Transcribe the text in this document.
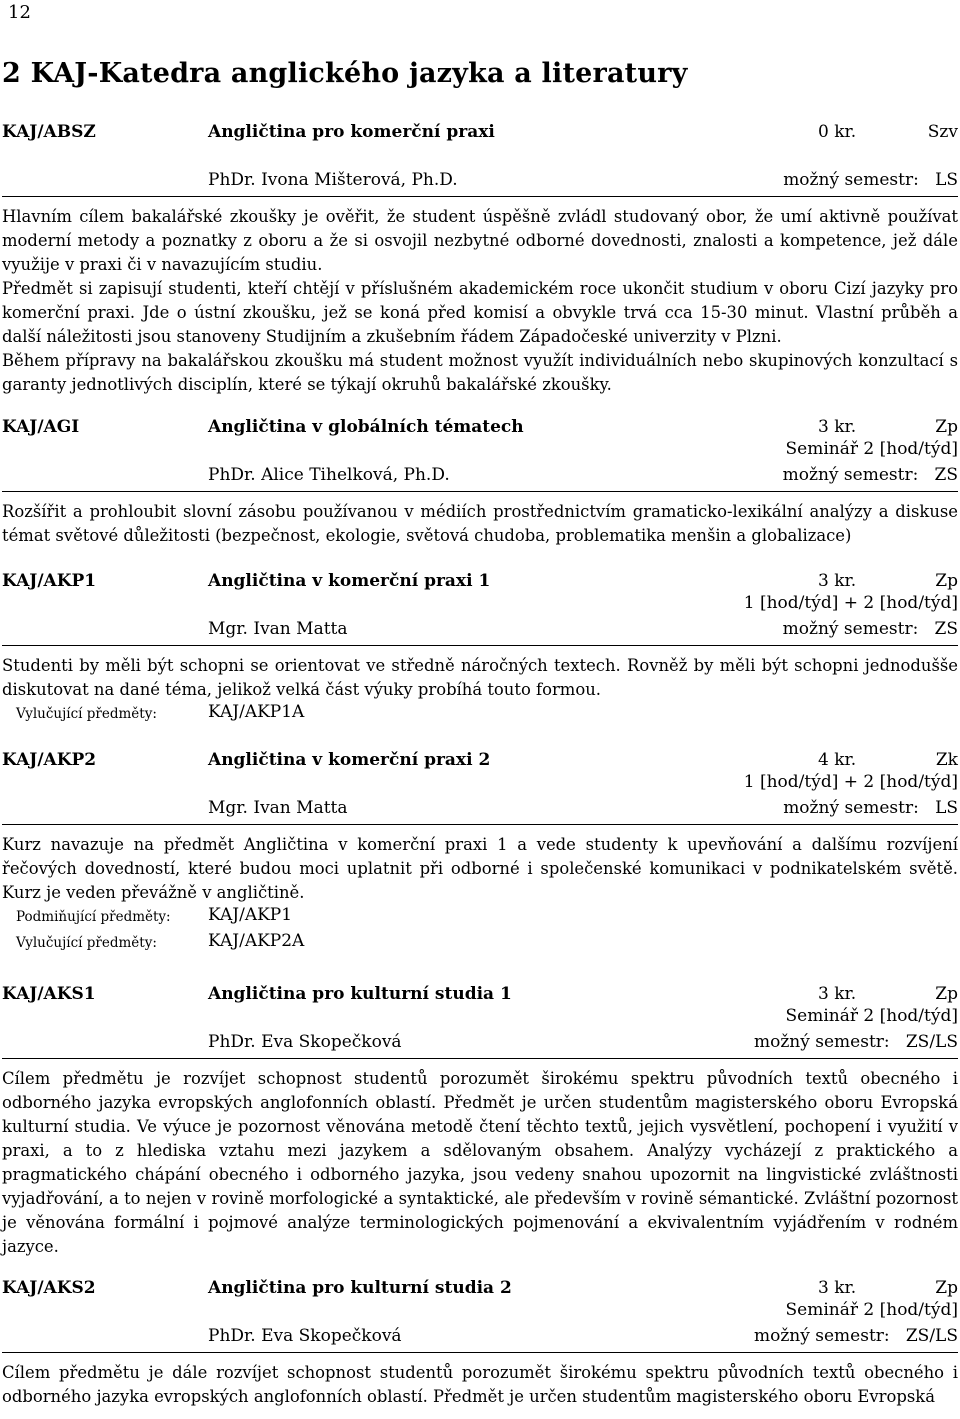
12
2 KAJ-Katedra anglického jazyka a literatury
KAJ/ABSZ	Angličtina pro komerční praxi	0 kr.	Szv
PhDr. Ivona Mišterová, Ph.D.	možný semestr: LS

Hlavním cílem bakalářské zkoušky je ověřit, že student úspěšně zvládl studovaný obor, že umí aktivně používat moderní metody a poznatky z oboru a že si osvojil nezbytné odborné dovednosti, znalosti a kompetence, jež dále využije v praxi či v navazujícím studiu.

Předmět si zapisují studenti, kteří chtějí v příslušném akademickém roce ukončit studium v oboru Cizí jazyky pro komerční praxi. Jde o ústní zkoušku, jež se koná před komisí a obvykle trvá cca 15-30 minut. Vlastní průběh a další náležitosti jsou stanoveny Studijním a zkušebním řádem Západočeské univerzity v Plzni.

Během přípravy na bakalářskou zkoušku má student možnost využít individuálních nebo skupinových konzultací s garanty jednotlivých disciplín, které se týkají okruhů bakalářské zkoušky.

KAJ/AGI	Angličtina v globálních tématech	3 kr.	Zp
Seminář 2 [hod/týd]
PhDr. Alice Tihelková, Ph.D.	možný semestr: ZS

Rozšířit a prohloubit slovní zásobu používanou v médiích prostřednictvím gramaticko-lexikální analýzy a diskuse témat světové důležitosti (bezpečnost, ekologie, světová chudoba, problematika menšin a globalizace)

KAJ/AKP1	Angličtina v komerční praxi 1	3 kr.	Zp
1 [hod/týd] + 2 [hod/týd]
Mgr. Ivan Matta	možný semestr: ZS

Studenti by měli být schopni se orientovat ve středně náročných textech. Rovněž by měli být schopni jednodušše diskutovat na dané téma, jelikož velká část výuky probíhá touto formou.

Vylučující předměty:	KAJ/AKP1A
KAJ/AKP2	Angličtina v komerční praxi 2	4 kr.	Zk
1 [hod/týd] + 2 [hod/týd]
Mgr. Ivan Matta	možný semestr: LS

Kurz navazuje na předmět Angličtina v komerční praxi 1 a vede studenty k upevňování a dalšímu rozvíjení řečových dovedností, které budou moci uplatnit při odborné i společenské komunikaci v podnikatelském světě. Kurz je veden převážně v angličtině.

Podmiňující předměty: KAJ/AKP1
Vylučující předměty:	KAJ/AKP2A
KAJ/AKS1	Angličtina pro kulturní studia 1	3 kr.	Zp
Seminář 2 [hod/týd]
PhDr. Eva Skopečková	možný semestr: ZS/LS

Cílem předmětu je rozvíjet schopnost studentů porozumět širokému spektru původních textů obecného i odborného jazyka evropských anglofonních oblastí. Předmět je určen studentům magisterského oboru Evropská kulturní studia. Ve výuce je pozornost věnována metodě čtení těchto textů, jejich vysvětlení, pochopení i využití v praxi, a to z hlediska vztahu mezi jazykem a sdělovaným obsahem. Analýzy vycházejí z praktického a pragmatického chápání obecného i odborného jazyka, jsou vedeny snahou upozornit na lingvistické zvláštnosti vyjadřování, a to nejen v rovině morfologické a syntaktické, ale především v rovině sémantické. Zvláštní pozornost je věnována formální i pojmové analýze terminologických pojmenování a ekvivalentním vyjádřením v rodném jazyce.

KAJ/AKS2	Angličtina pro kulturní studia 2	3 kr.	Zp
Seminář 2 [hod/týd]
PhDr. Eva Skopečková	možný semestr: ZS/LS

Cílem předmětu je dále rozvíjet schopnost studentů porozumět širokému spektru původních textů obecného i odborného jazyka evropských anglofonních oblastí. Předmět je určen studentům magisterského oboru Evropská
